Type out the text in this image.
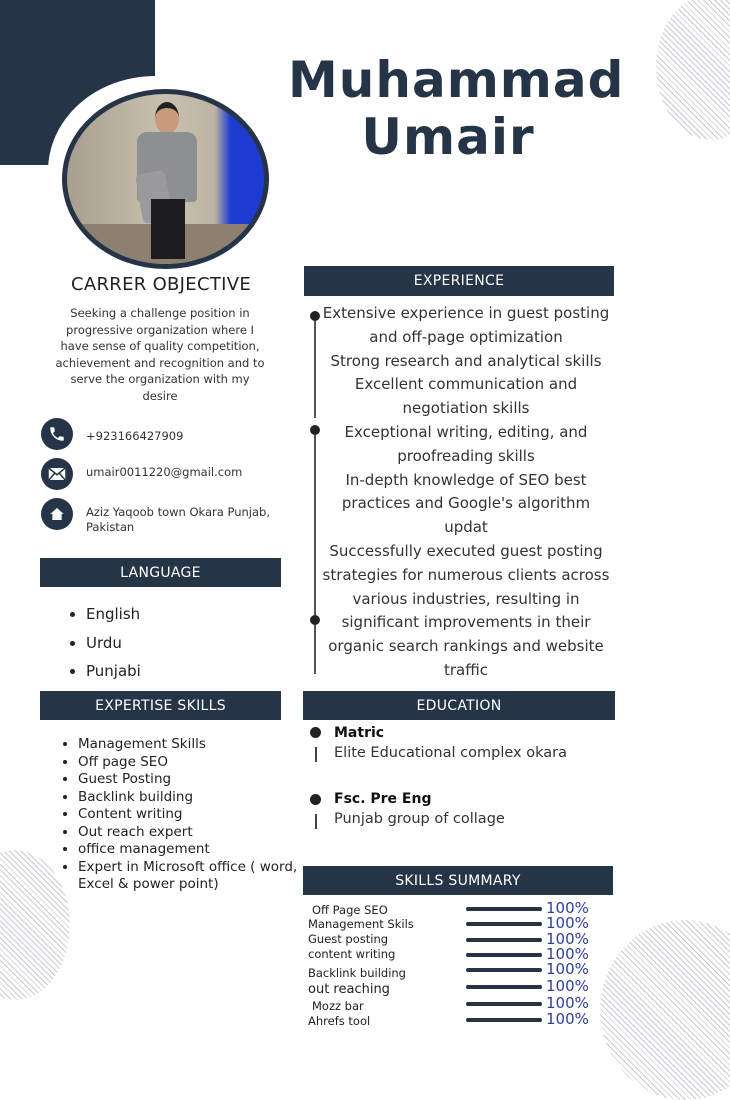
Muhammad
Umair
CARRER OBJECTIVE
Seeking a challenge position in progressive organization where I have sense of quality competition, achievement and recognition and to serve the organization with my desire
+923166427909
umair0011220@gmail.com
Aziz Yaqoob town Okara Punjab, Pakistan
LANGUAGE
• English
• Urdu
• Punjabi
EXPERTISE SKILLS
• Management Skills
• Off page SEO
• Guest Posting
• Backlink building
• Content writing
• Out reach expert
• office management
• Expert in Microsoft office ( word, Excel & power point)
EXPERIENCE
Extensive experience in guest posting and off-page optimization
Strong research and analytical skills
Excellent communication and negotiation skills
Exceptional writing, editing, and proofreading skills
In-depth knowledge of SEO best practices and Google's algorithm updat
Successfully executed guest posting strategies for numerous clients across various industries, resulting in significant improvements in their organic search rankings and website traffic
EDUCATION
Matric
Elite Educational complex okara
Fsc. Pre Eng
Punjab group of collage
SKILLS SUMMARY
Off Page SEO	100%
Management Skils	100%
Guest posting	100%
content writing	100%
Backlink building	100%
out reaching	100%
Mozz bar	100%
Ahrefs tool	100%
